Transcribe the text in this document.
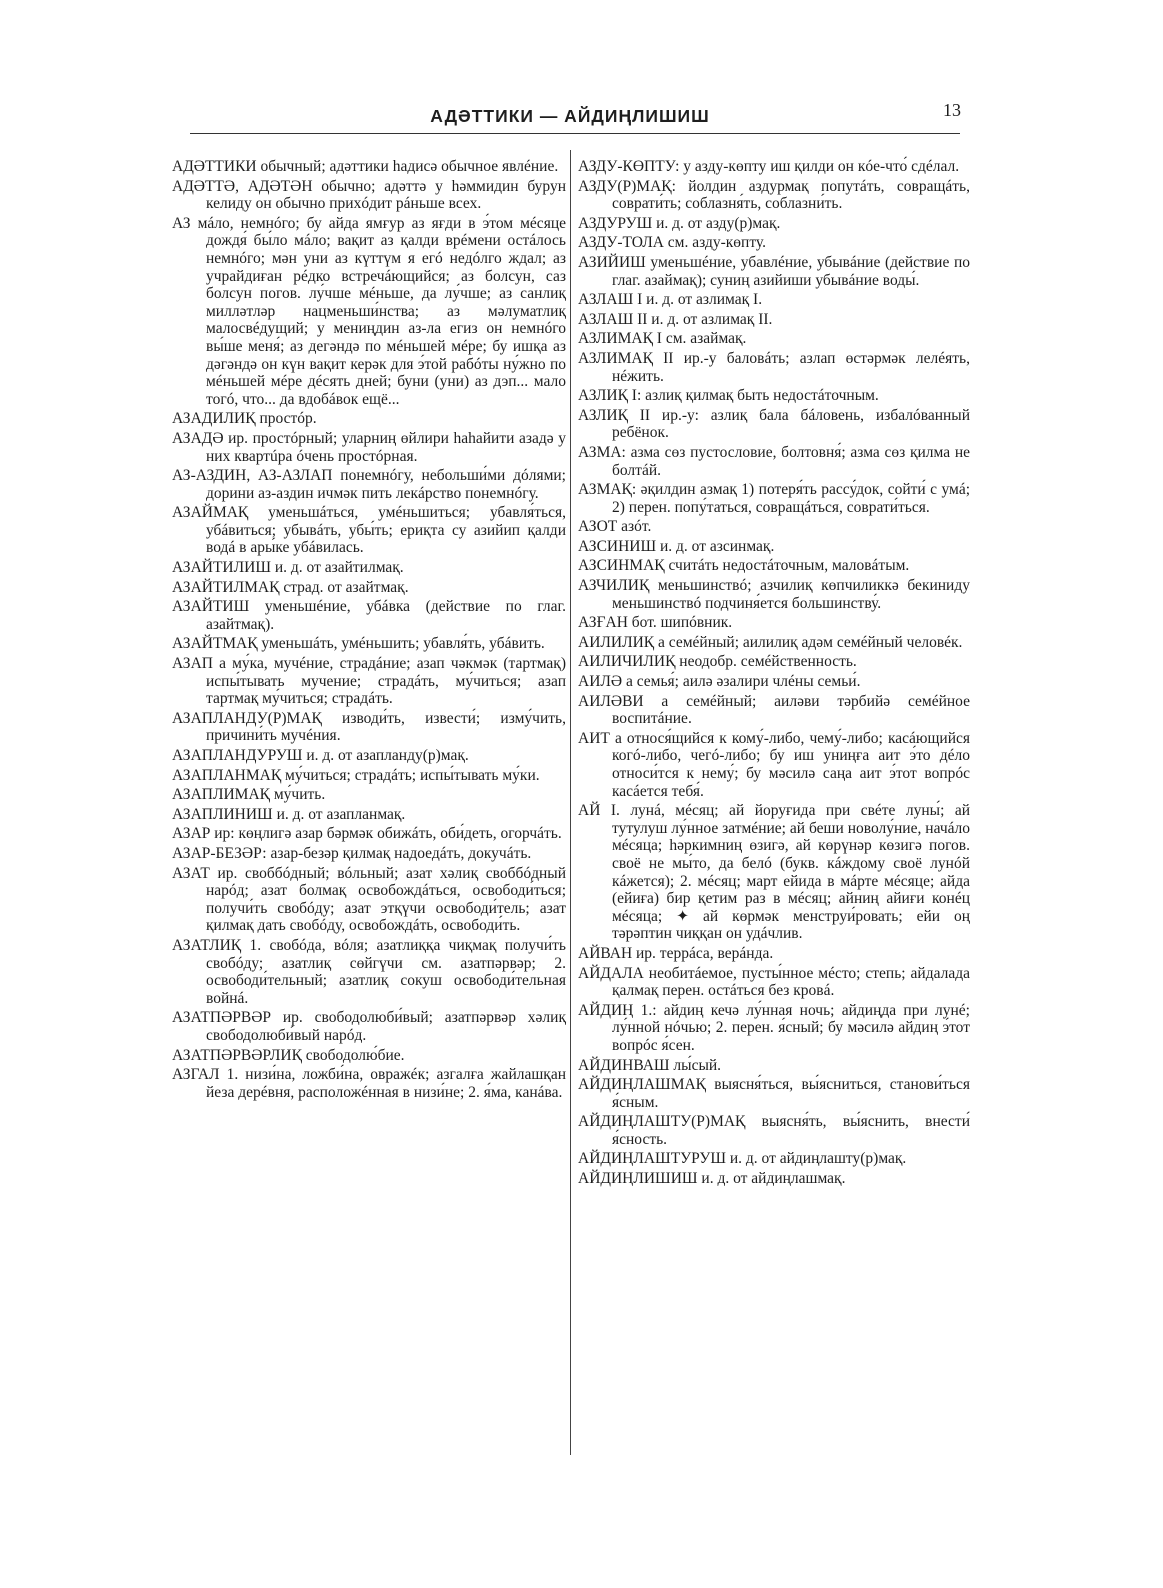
АДӘТТИКИ — АЙДИҢЛИШИШ	13

АДӘТТИКИ обычный; адәттики һадисә обычное явлéние.

АДӘТТӘ, АДӘТӘН обычно; адәттә у һәммидин бурун келиду он обычно прихóдит рáньше всех.

АЗ мáло, немнóго; бу айда ямғур аз яғди в э́том мéсяце дождя́ бы́ло мáло; вақит аз қалди врéмени остáлось немнóго; мән уни аз күттүм я егó недóлго ждал; аз учрайдиған рéдко встречáющийся; аз болсун, саз болсун погов. лу́чше мéньше, да лу́чше; аз санлиқ милләтләр нацменьши́нства; аз мәлуматлиқ малосвéдущий; у мениңдин аз-ла егиз он немнóго вы́ше меня́; аз дегәндә по мéньшей мéре; бу ишқа аз дәгәндә он күн вақит керәк для э́той рабóты ну́жно по мéньшей мéре дéсять дней; буни (уни) аз дэп... мало тогó, что... да вдобáвок ещё...

АЗАДИЛИҚ простóр.

АЗАДӘ ир. простóрный; уларниң өйлири һаһайити азадә у них квартúра óчень простóрная.

АЗ-АЗДИН, АЗ-АЗЛАП понемнóгу, небольши́ми дóлями; дорини аз-аздин ичмәк пить лекáрство понемнóгу.

АЗАЙМАҚ уменьшáться, умéньшиться; убавля́ться, убáвиться; убывáть, убы́ть; ериқта су азийип қалди водá в ары́ке убáвилась.

АЗАЙТИЛИШ и. д. от азайтилмақ.

АЗАЙТИЛМАҚ страд. от азайтмақ.

АЗАЙТИШ уменьшéние, убáвка (действие по глаг. азайтмақ).

АЗАЙТМАҚ уменьшáть, умéньшить; убавля́ть, убáвить.

АЗАП а му́ка, мучéние, страдáние; азап чәкмәк (тартмақ) испы́тывать мучение; страдáть, му́читься; азап тартмақ му́читься; страдáть.

АЗАПЛАНДУ(Р)МАҚ изводи́ть, извести́; изму́чить, причини́ть мучéния.

АЗАПЛАНДУРУШ и. д. от азапланду(р)мақ.

АЗАПЛАНМАҚ му́читься; страдáть; испы́тывать му́ки.

АЗАПЛИМАҚ му́чить.

АЗАПЛИНИШ и. д. от азапланмақ.

АЗАР ир: көңлигә азар бәрмәк обижáть, оби́деть, огорчáть.

АЗАР-БЕЗӘР: азар-безәр қилмақ надоедáть, докучáть.

АЗАТ ир. своббóдный; вóльный; азат хәлиқ своббóдный нарóд; азат болмақ освобождáться, освободи́ться; получи́ть свобóду; азат этқүчи освободи́тель; азат қилмақ дать свобóду, освобождáть, освободи́ть.

АЗАТЛИҚ 1. свобóда, вóля; азатлиққа чиқмақ получи́ть свобóду; азатлиқ сөйгүчи см. азатпәрвәр; 2. освободи́тельный; азатлиқ сокуш освободи́тельная войнá.

АЗАТПӘРВӘР ир. свободолюби́вый; азатпәрвәр хәлиқ свободолюби́вый нарóд.

АЗАТПӘРВӘРЛИҚ свободолю́бие.

АЗГАЛ 1. низи́на, ложби́на, овражéк; азгалға жайлашқан йеза дерéвня, расположéнная в низи́не; 2. я́ма, канáва.

АЗДУ-КӨПТУ: у азду-көпту иш қилди он кóе-что́ сдéлал.

АЗДУ(Р)МАҚ: йолдин аздурмақ попутáть, совращáть, соврати́ть; соблазня́ть, соблазни́ть.

АЗДУРУШ и. д. от азду(р)мақ.

АЗДУ-ТОЛА см. азду-көпту.

АЗИЙИШ уменьшéние, убавлéние, убывáние (действие по глаг. азаймақ); суниң азийиши убывáние воды́.

АЗЛАШ I и. д. от азлимақ I.

АЗЛАШ II и. д. от азлимақ II.

АЗЛИМАҚ I см. азаймақ.

АЗЛИМАҚ II ир.-у баловáть; азлап өстәрмәк лелéять, нéжить.

АЗЛИҚ I: азлиқ қилмақ быть недостáточным.

АЗЛИҚ II ир.-у: азлиқ бала бáловень, избалóванный ребёнок.

АЗМА: азма сөз пустословие, болтовня́; азма сөз қилма не болтáй.

АЗМАҚ: әқилдин азмақ 1) потеря́ть рассу́док, сойти́ с умá; 2) перен. попу́таться, совращáться, соврати́ться.

АЗОТ азóт.

АЗСИНИШ и. д. от азсинмақ.

АЗСИНМАҚ считáть недостáточным, маловáтым.

АЗЧИЛИҚ меньшинствó; азчилиқ көпчиликкә бекиниду меньшинствó подчиня́ется большинству́.

АЗҒАН бот. шипóвник.

АИЛИЛИҚ а семéйный; аилилиқ адәм семéйный человéк.

АИЛИЧИЛИҚ неодобр. семéйственность.

АИЛӘ а семья́; аилә әзалири члéны семьи́.

АИЛӘВИ а семéйный; аиләви тәрбийә семéйное воспитáние.

АИТ а относя́щийся к кому́-либо, чему́-либо; касáющийся когó-либо, чегó-либо; бу иш униңға аит э́то дéло относи́тся к нему́; бу мәсилә саңа аит э́тот вопрóс касáется тебя́.

АЙ I. лунá, мéсяц; ай йоруғида при свéте луны́; ай тутулуш лу́нное затмéние; ай беши новолу́ние, начáло мéсяца; һәркимниң өзигә, ай көрүнәр көзигә погов. своё не мы́то, да белó (букв. кáждому своё лунóй кáжется); 2. мéсяц; март ейида в мáрте мéсяце; айда (ейиға) бир қетим раз в мéсяц; айниң айиғи конéц мéсяца; ✦ ай көрмәк менструи́ровать; ейи оң тәрәптин чиққан он удáчлив.

АЙВАН ир. террáса, верáнда.

АЙДАЛА необитáемое, пусты́нное мéсто; степь; айдалада қалмақ перен. остáться без кровá.

АЙДИҢ 1.: айдиң кечә лу́нная ночь; айдиңда при лунé; лу́нной нóчью; 2. перен. я́сный; бу мәсилә айдиң э́тот вопрóс я́сен.

АЙДИНВАШ лы́сый.

АЙДИҢЛАШМАҚ выясня́ться, вы́ясниться, станови́ться я́сным.

АЙДИҢЛАШТУ(Р)МАҚ выясня́ть, вы́яснить, внести́ я́сность.

АЙДИҢЛАШТУРУШ и. д. от айдиңлашту(р)мақ.

АЙДИҢЛИШИШ и. д. от айдиңлашмақ.
